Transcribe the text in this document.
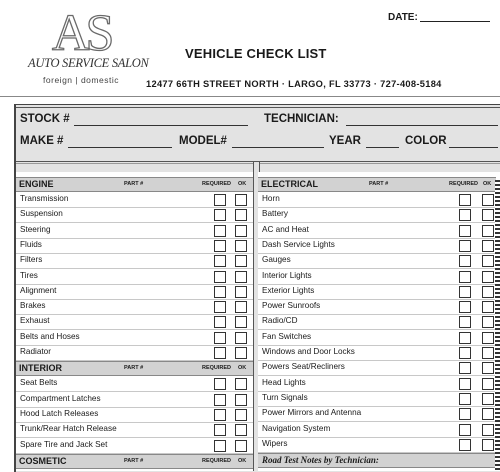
AS
AUTO SERVICE SALON
foreign | domestic
DATE:
VEHICLE CHECK LIST
12477 66TH STREET NORTH · LARGO, FL 33773 · 727-408-5184
STOCK #	TECHNICIAN:
MAKE #	MODEL#	YEAR	COLOR
ENGINE	PART #	REQUIRED OK
Transmission
Suspension
Steering
Fluids
Filters
Tires
Alignment
Brakes
Exhaust
Belts and Hoses
Radiator
INTERIOR	PART #	REQUIRED OK
Seat Belts
Compartment Latches
Hood Latch Releases
Trunk/Rear Hatch Release
Spare Tire and Jack Set
COSMETIC	PART #	REQUIRED OK
ELECTRICAL	PART #	REQUIRED OK
Horn
Battery
AC and Heat
Dash Service Lights
Gauges
Interior Lights
Exterior Lights
Power Sunroofs
Radio/CD
Fan Switches
Windows and Door Locks
Powers Seat/Recliners
Head Lights
Turn Signals
Power Mirrors and Antenna
Navigation System
Wipers
Road Test Notes by Technician:
